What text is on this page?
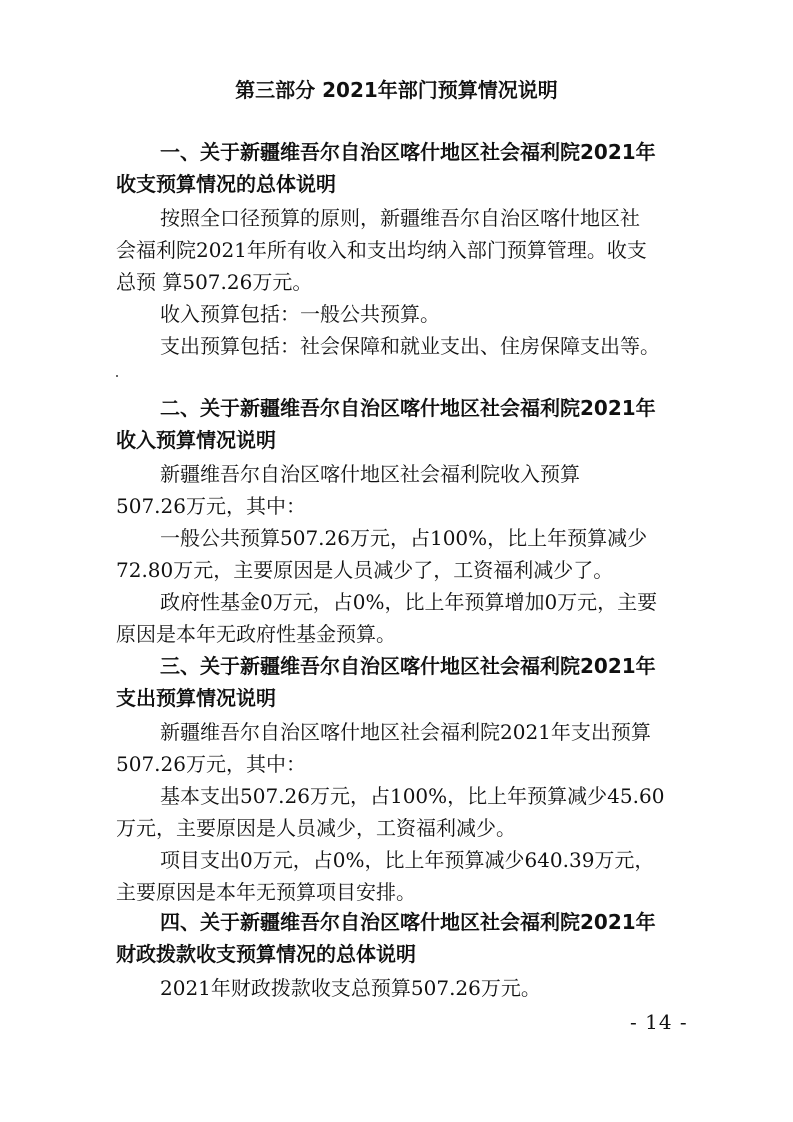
第三部分 2021年部门预算情况说明
一、关于新疆维吾尔自治区喀什地区社会福利院2021年
收支预算情况的总体说明
按照全口径预算的原则，新疆维吾尔自治区喀什地区社
会福利院2021年所有收入和支出均纳入部门预算管理。收支
总预 算507.26万元。
收入预算包括：一般公共预算。
支出预算包括：社会保障和就业支出、住房保障支出等。
二、关于新疆维吾尔自治区喀什地区社会福利院2021年
收入预算情况说明
新疆维吾尔自治区喀什地区社会福利院收入预算
507.26万元，其中：
一般公共预算507.26万元，占100%，比上年预算减少
72.80万元，主要原因是人员减少了，工资福利减少了。
政府性基金0万元，占0%，比上年预算增加0万元，主要
原因是本年无政府性基金预算。
三、关于新疆维吾尔自治区喀什地区社会福利院2021年
支出预算情况说明
新疆维吾尔自治区喀什地区社会福利院2021年支出预算
507.26万元，其中：
基本支出507.26万元，占100%，比上年预算减少45.60
万元，主要原因是人员减少，工资福利减少。
项目支出0万元，占0%，比上年预算减少640.39万元，
主要原因是本年无预算项目安排。
四、关于新疆维吾尔自治区喀什地区社会福利院2021年
财政拨款收支预算情况的总体说明
2021年财政拨款收支总预算507.26万元。
- 14 -
